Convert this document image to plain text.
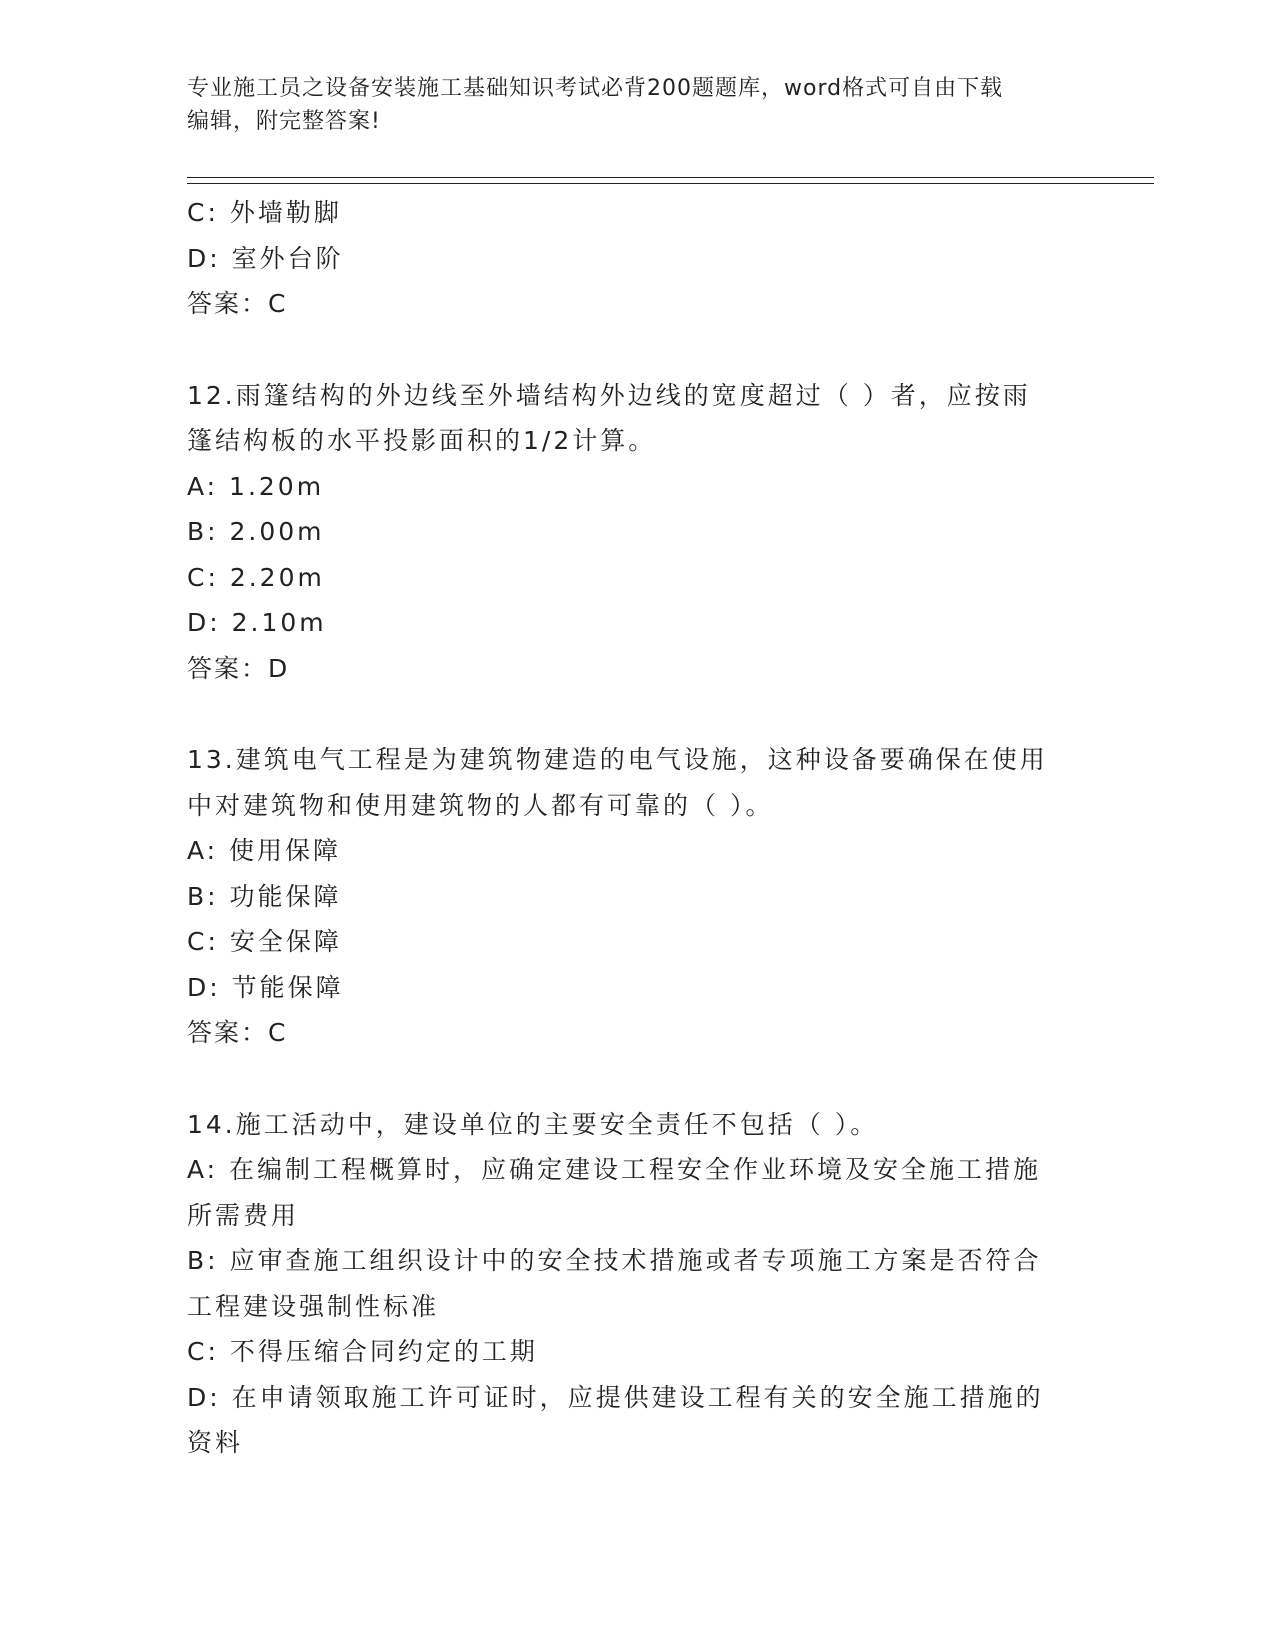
专业施工员之设备安装施工基础知识考试必背200题题库，word格式可自由下载
编辑，附完整答案!
C: 外墙勒脚
D: 室外台阶
答案：C
12.雨篷结构的外边线至外墙结构外边线的宽度超过（ ）者，应按雨
篷结构板的水平投影面积的1/2计算。
A: 1.20m
B: 2.00m
C: 2.20m
D: 2.10m
答案：D
13.建筑电气工程是为建筑物建造的电气设施，这种设备要确保在使用
中对建筑物和使用建筑物的人都有可靠的（ ）。
A: 使用保障
B: 功能保障
C: 安全保障
D: 节能保障
答案：C
14.施工活动中，建设单位的主要安全责任不包括（ ）。
A: 在编制工程概算时，应确定建设工程安全作业环境及安全施工措施
所需费用
B: 应审查施工组织设计中的安全技术措施或者专项施工方案是否符合
工程建设强制性标准
C: 不得压缩合同约定的工期
D: 在申请领取施工许可证时，应提供建设工程有关的安全施工措施的
资料
